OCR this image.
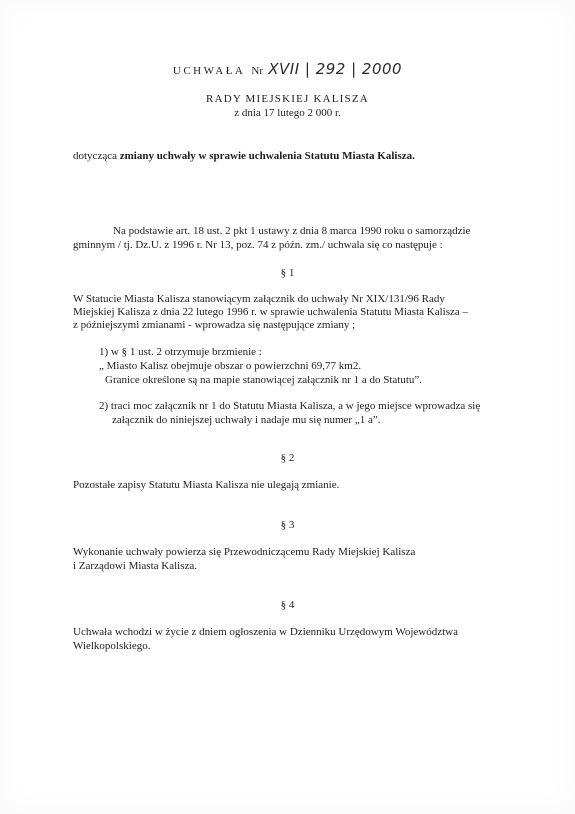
UCHWAŁA Nr XVII | 292 | 2000
RADY MIEJSKIEJ KALISZA
z dnia 17 lutego 2 000 r.
dotycząca zmiany uchwały w sprawie uchwalenia Statutu Miasta Kalisza.
Na podstawie art. 18 ust. 2 pkt 1 ustawy z dnia 8 marca 1990 roku o samorządzie
gminnym / tj. Dz.U. z 1996 r. Nr 13, poz. 74 z późn. zm./ uchwala się co następuje :
§ 1
W Statucie Miasta Kalisza stanowiącym załącznik do uchwały Nr XIX/131/96 Rady
Miejskiej Kalisza z dnia 22 lutego 1996 r. w sprawie uchwalenia Statutu Miasta Kalisza –
z późniejszymi zmianami - wprowadza się następujące zmiany ;
1) w § 1 ust. 2 otrzymuje brzmienie :
„ Miasto Kalisz obejmuje obszar o powierzchni 69,77 km2.
Granice określone są na mapie stanowiącej załącznik nr 1 a do Statutu”.
2) traci moc załącznik nr 1 do Statutu Miasta Kalisza, a w jego miejsce wprowadza się
załącznik do niniejszej uchwały i nadaje mu się numer „1 a”.
§ 2
Pozostałe zapisy Statutu Miasta Kalisza nie ulegają zmianie.
§ 3
Wykonanie uchwały powierza się Przewodniczącemu Rady Miejskiej Kalisza
i Zarządowi Miasta Kalisza.
§ 4
Uchwała wchodzi w życie z dniem ogłoszenia w Dzienniku Urzędowym Województwa
Wielkopolskiego.
